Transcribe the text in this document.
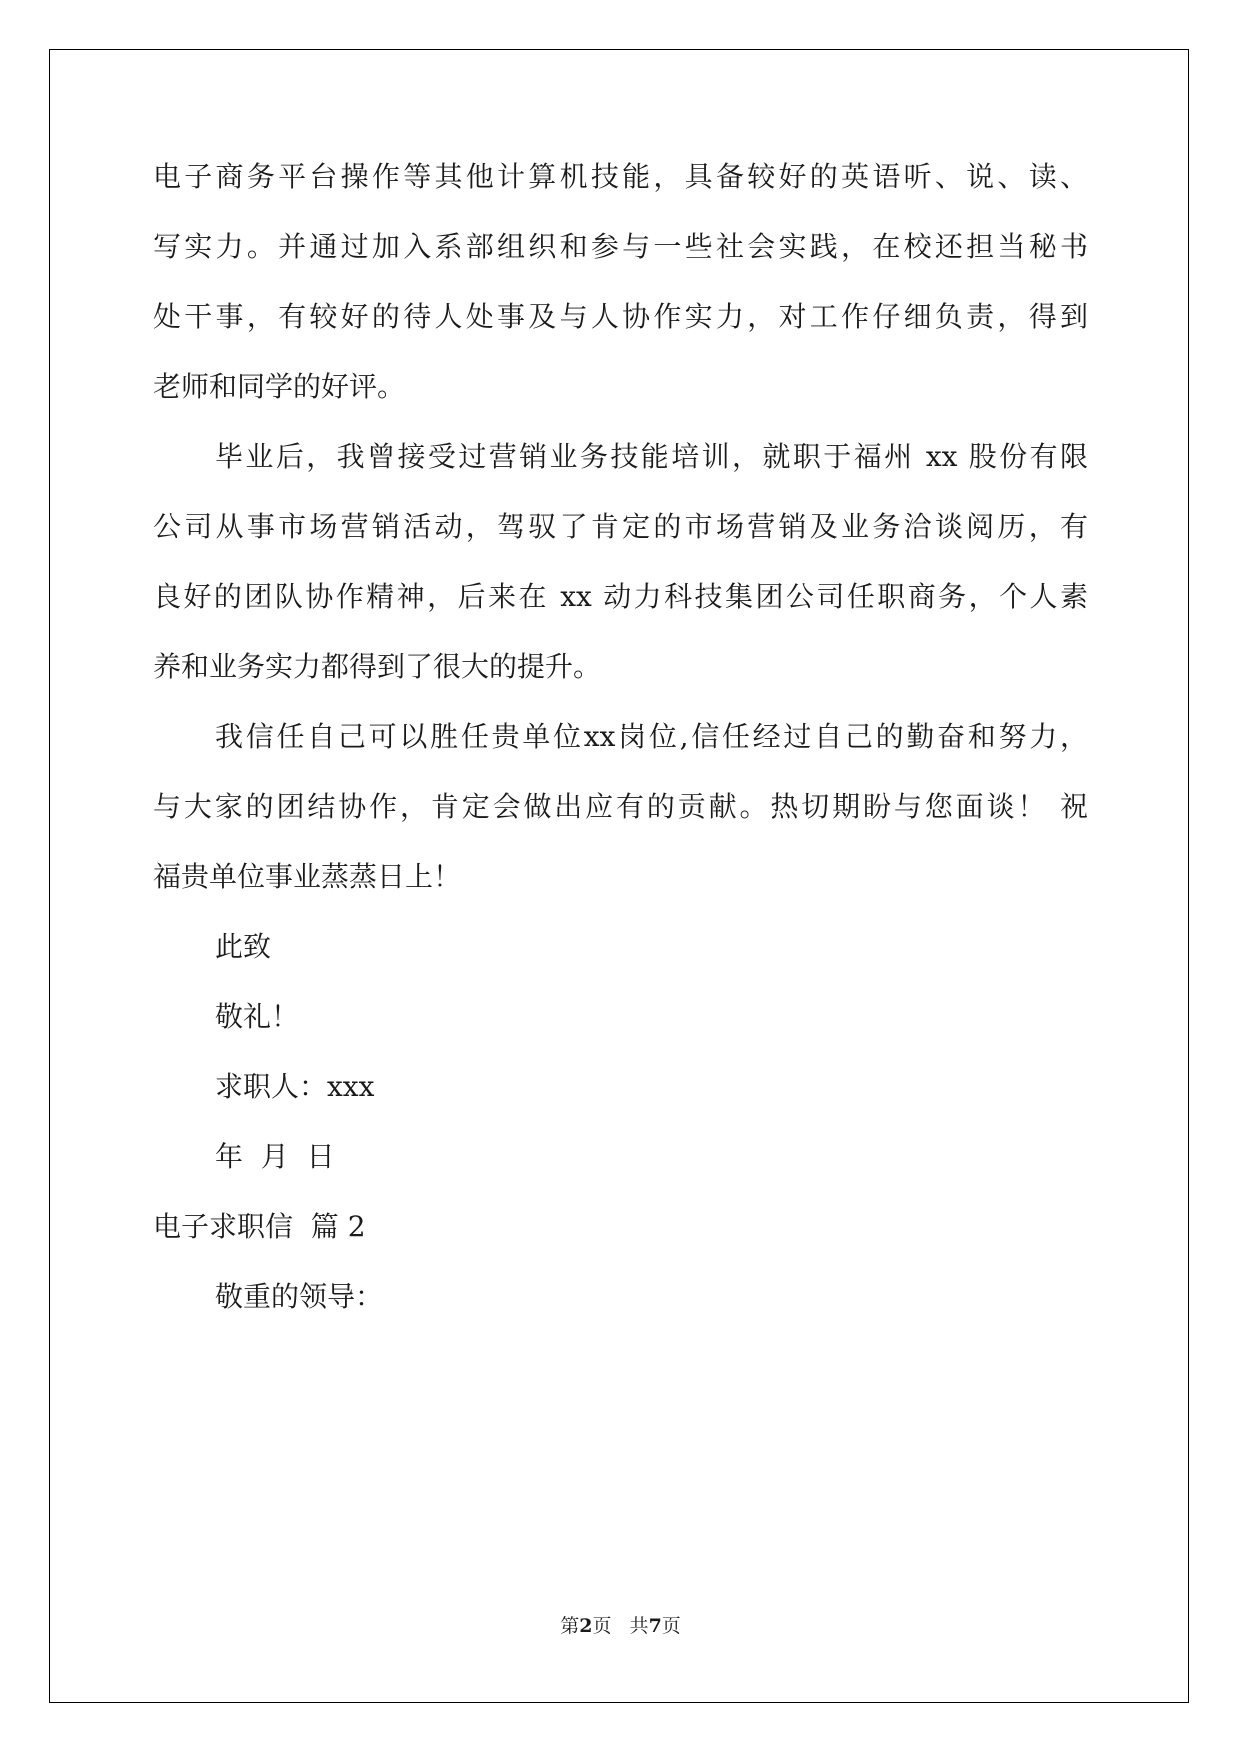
电子商务平台操作等其他计算机技能，具备较好的英语听、说、读、
写实力。并通过加入系部组织和参与一些社会实践，在校还担当秘书
处干事，有较好的待人处事及与人协作实力，对工作仔细负责，得到
老师和同学的好评。
毕业后，我曾接受过营销业务技能培训，就职于福州 xx 股份有限
公司从事市场营销活动，驾驭了肯定的市场营销及业务洽谈阅历，有
良好的团队协作精神，后来在 xx 动力科技集团公司任职商务，个人素
养和业务实力都得到了很大的提升。
我信任自己可以胜任贵单位xx岗位,信任经过自己的勤奋和努力，
与大家的团结协作，肯定会做出应有的贡献。热切期盼与您面谈！ 祝
福贵单位事业蒸蒸日上！
此致
敬礼！
求职人：xxx
年  月  日
电子求职信  篇 2
敬重的领导：
第2页   共7页
